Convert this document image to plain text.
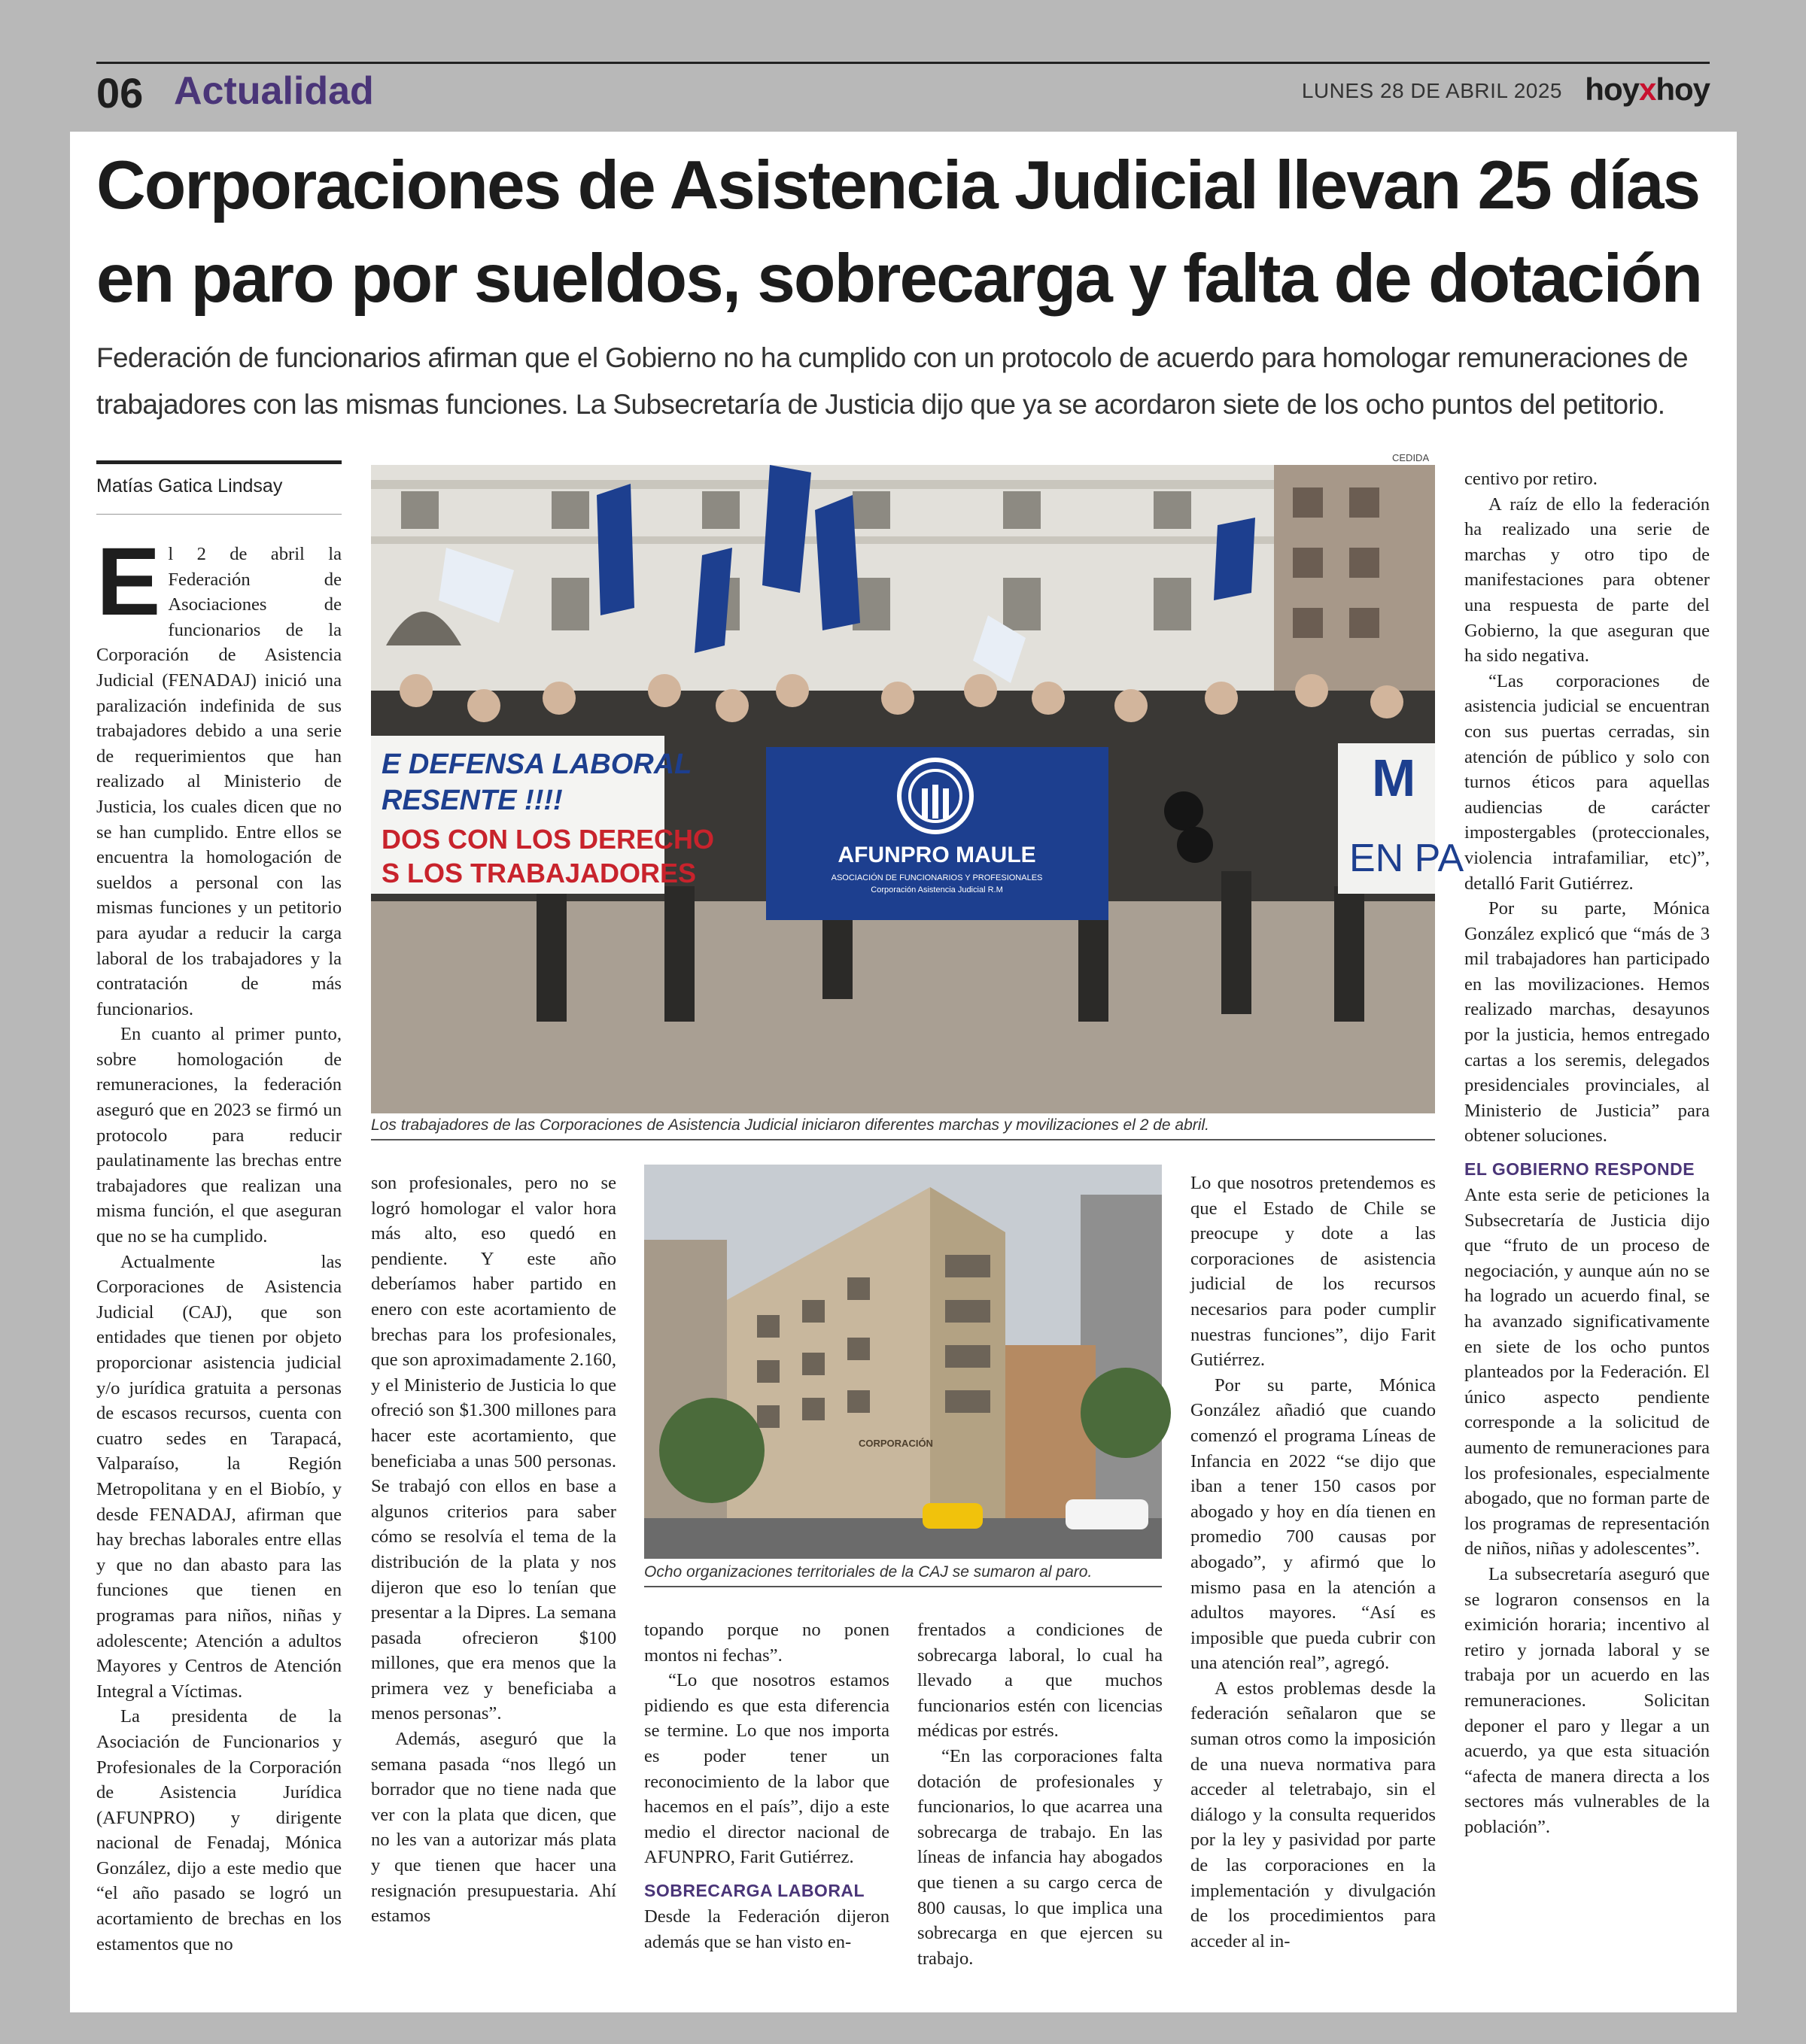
06 Actualidad	LUNES 28 DE ABRIL 2025 hoyxhoy
Corporaciones de Asistencia Judicial llevan 25 días
en paro por sueldos, sobrecarga y falta de dotación
Federación de funcionarios afirman que el Gobierno no ha cumplido con un protocolo de acuerdo para homologar remuneraciones de
trabajadores con las mismas funciones. La Subsecretaría de Justicia dijo que ya se acordaron siete de los ocho puntos del petitorio.
Matías Gatica Lindsay
CEDIDA
E DEFENSA LABORAL
RESENTE !!!!
DOS CON LOS DERECHO
S LOS TRABAJADORES
AFUNPRO MAULE
ASOCIACIÓN DE FUNCIONARIOS Y PROFESIONALES
Corporación Asistencia Judicial R.M
M
EN PA
Los trabajadores de las Corporaciones de Asistencia Judicial iniciaron diferentes marchas y movilizaciones el 2 de abril.
CORPORACIÓN
Ocho organizaciones territoriales de la CAJ se sumaron al paro.

El 2 de abril la Federación de Asociaciones de funcionarios de la Corporación de Asistencia Judicial (FENADAJ) inició una paralización indefinida de sus trabajadores debido a una serie de requerimientos que han realizado al Ministerio de Justicia, los cuales dicen que no se han cumplido. Entre ellos se encuentra la homologación de sueldos a personal con las mismas funciones y un petitorio para ayudar a reducir la carga laboral de los trabajadores y la contratación de más funcionarios.

En cuanto al primer punto, sobre homologación de remuneraciones, la federación aseguró que en 2023 se firmó un protocolo para reducir paulatinamente las brechas entre trabajadores que realizan una misma función, el que aseguran que no se ha cumplido.

Actualmente las Corporaciones de Asistencia Judicial (CAJ), que son entidades que tienen por objeto proporcionar asistencia judicial y/o jurídica gratuita a personas de escasos recursos, cuenta con cuatro sedes en Tarapacá, Valparaíso, la Región Metropolitana y en el Biobío, y desde FENADAJ, afirman que hay brechas laborales entre ellas y que no dan abasto para las funciones que tienen en programas para niños, niñas y adolescente; Atención a adultos Mayores y Centros de Atención Integral a Víctimas.

La presidenta de la Asociación de Funcionarios y Profesionales de la Corporación de Asistencia Jurídica (AFUNPRO) y dirigente nacional de Fenadaj, Mónica González, dijo a este medio que “el año pasado se logró un acortamiento de brechas en los estamentos que no

son profesionales, pero no se logró homologar el valor hora más alto, eso quedó en pendiente. Y este año deberíamos haber partido en enero con este acortamiento de brechas para los profesionales, que son aproximadamente 2.160, y el Ministerio de Justicia lo que ofreció son $1.300 millones para hacer este acortamiento, que beneficiaba a unas 500 personas. Se trabajó con ellos en base a algunos criterios para saber cómo se resolvía el tema de la distribución de la plata y nos dijeron que eso lo tenían que presentar a la Dipres. La semana pasada ofrecieron $100 millones, que era menos que la primera vez y beneficiaba a menos personas”.

Además, aseguró que la semana pasada “nos llegó un borrador que no tiene nada que ver con la plata que dicen, que no les van a autorizar más plata y que tienen que hacer una resignación presupuestaria. Ahí estamos

topando porque no ponen montos ni fechas”.

“Lo que nosotros estamos pidiendo es que esta diferencia se termine. Lo que nos importa es poder tener un reconocimiento de la labor que hacemos en el país”, dijo a este medio el director nacional de AFUNPRO, Farit Gutiérrez.

SOBRECARGA LABORAL

Desde la Federación dijeron además que se han visto en-

frentados a condiciones de sobrecarga laboral, lo cual ha llevado a que muchos funcionarios estén con licencias médicas por estrés.

“En las corporaciones falta dotación de profesionales y funcionarios, lo que acarrea una sobrecarga de trabajo. En las líneas de infancia hay abogados que tienen a su cargo cerca de 800 causas, lo que implica una sobrecarga en que ejercen su trabajo.

Lo que nosotros pretendemos es que el Estado de Chile se preocupe y dote a las corporaciones de asistencia judicial de los recursos necesarios para poder cumplir nuestras funciones”, dijo Farit Gutiérrez.

Por su parte, Mónica González añadió que cuando comenzó el programa Líneas de Infancia en 2022 “se dijo que iban a tener 150 casos por abogado y hoy en día tienen en promedio 700 causas por abogado”, y afirmó que lo mismo pasa en la atención a adultos mayores. “Así es imposible que pueda cubrir con una atención real”, agregó.

A estos problemas desde la federación señalaron que se suman otros como la imposición de una nueva normativa para acceder al teletrabajo, sin el diálogo y la consulta requeridos por la ley y pasividad por parte de las corporaciones en la implementación y divulgación de los procedimientos para acceder al in-

centivo por retiro.

A raíz de ello la federación ha realizado una serie de marchas y otro tipo de manifestaciones para obtener una respuesta de parte del Gobierno, la que aseguran que ha sido negativa.

“Las corporaciones de asistencia judicial se encuentran con sus puertas cerradas, sin atención de público y solo con turnos éticos para aquellas audiencias de carácter impostergables (proteccionales, violencia intrafamiliar, etc)”, detalló Farit Gutiérrez.

Por su parte, Mónica González explicó que “más de 3 mil trabajadores han participado en las movilizaciones. Hemos realizado marchas, desayunos por la justicia, hemos entregado cartas a los seremis, delegados presidenciales provinciales, al Ministerio de Justicia” para obtener soluciones.

EL GOBIERNO RESPONDE

Ante esta serie de peticiones la Subsecretaría de Justicia dijo que “fruto de un proceso de negociación, y aunque aún no se ha logrado un acuerdo final, se ha avanzado significativamente en siete de los ocho puntos planteados por la Federación. El único aspecto pendiente corresponde a la solicitud de aumento de remuneraciones para los profesionales, especialmente abogado, que no forman parte de los programas de representación de niños, niñas y adolescentes”.

La subsecretaría aseguró que se lograron consensos en la eximición horaria; incentivo al retiro y jornada laboral y se trabaja por un acuerdo en las remuneraciones. Solicitan deponer el paro y llegar a un acuerdo, ya que esta situación “afecta de manera directa a los sectores más vulnerables de la población”.
